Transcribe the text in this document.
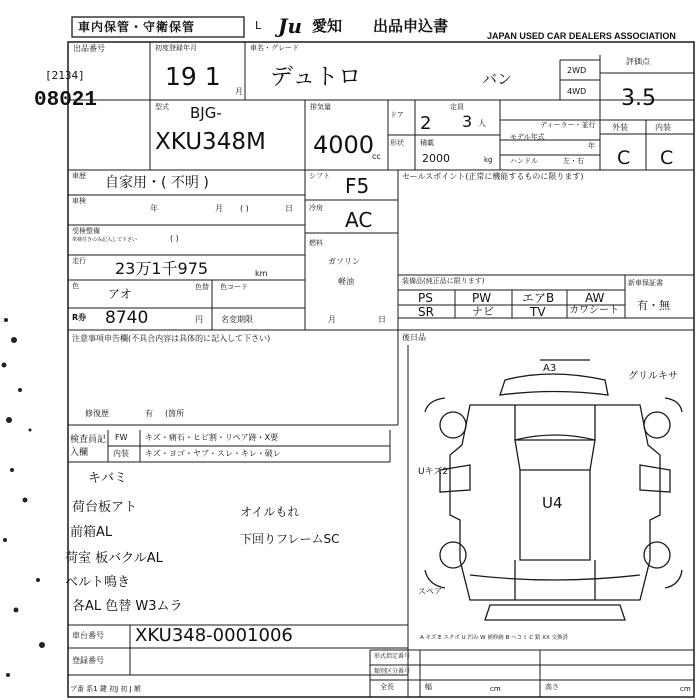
車内保管・守衛保管	L Ju 愛知 出品申込書
JAPAN USED CAR DEALERS ASSOCIATION
出品番号
[2134]
08021
初度登録年月
19 1
月
車名・グレード
デュトロ	バン	2WD
4WD
評価点
3.5
型式 BJG-
XKU348M
排気量
4000
cc
ドア 2
定員
3 人
形状 積載
2000	kg
ディーラー・並行
モデル年式
年
ハンドル	左・右
外装	内装
C C
車歴 自家用・( 不明 )
車検
年	月 ( )	日
受検整備
車検付きのみ記入して下さい	( )
走行 23万1千975	km
色
アオ	色替 色コード
R券 8740	円 名変期限	月	日
シフト F5
冷房 AC
燃料
ガソリン
軽油
セールスポイント(正常に機能するものに限ります)
装備品(純正品に限ります)
PS	PW	エアB	AW
SR	ナビ	TV カワシート
新車保証書
有・無
注意事項申告欄(不具合内容は具体的に記入して下さい)	後日品
修復歴	有 (箇所
検査員記入欄
FW キズ・痛石・ヒビ割・リペア跡・X要
内装 キズ・ヨゴ・ヤブ・スレ・キレ・破レ
キバミ
荷台板アト
前箱AL
荷室 板バクルAL
ベルト鳴き
各AL 色替 W3ムラ
オイルもれ
下回りフレームSC
A3
グリルキサ
Uキズ2
U4
スペア
A キズ E エクボ U 凹み W 補修跡 B ヘコミ C 錆 XX 交換済
車台番号 XKU348-0001006
登録番号
ブ番 系1 鍵 初J 初 J 額
形式指定番号
類別区分番号
全長	cm
幅	高さ	cm
